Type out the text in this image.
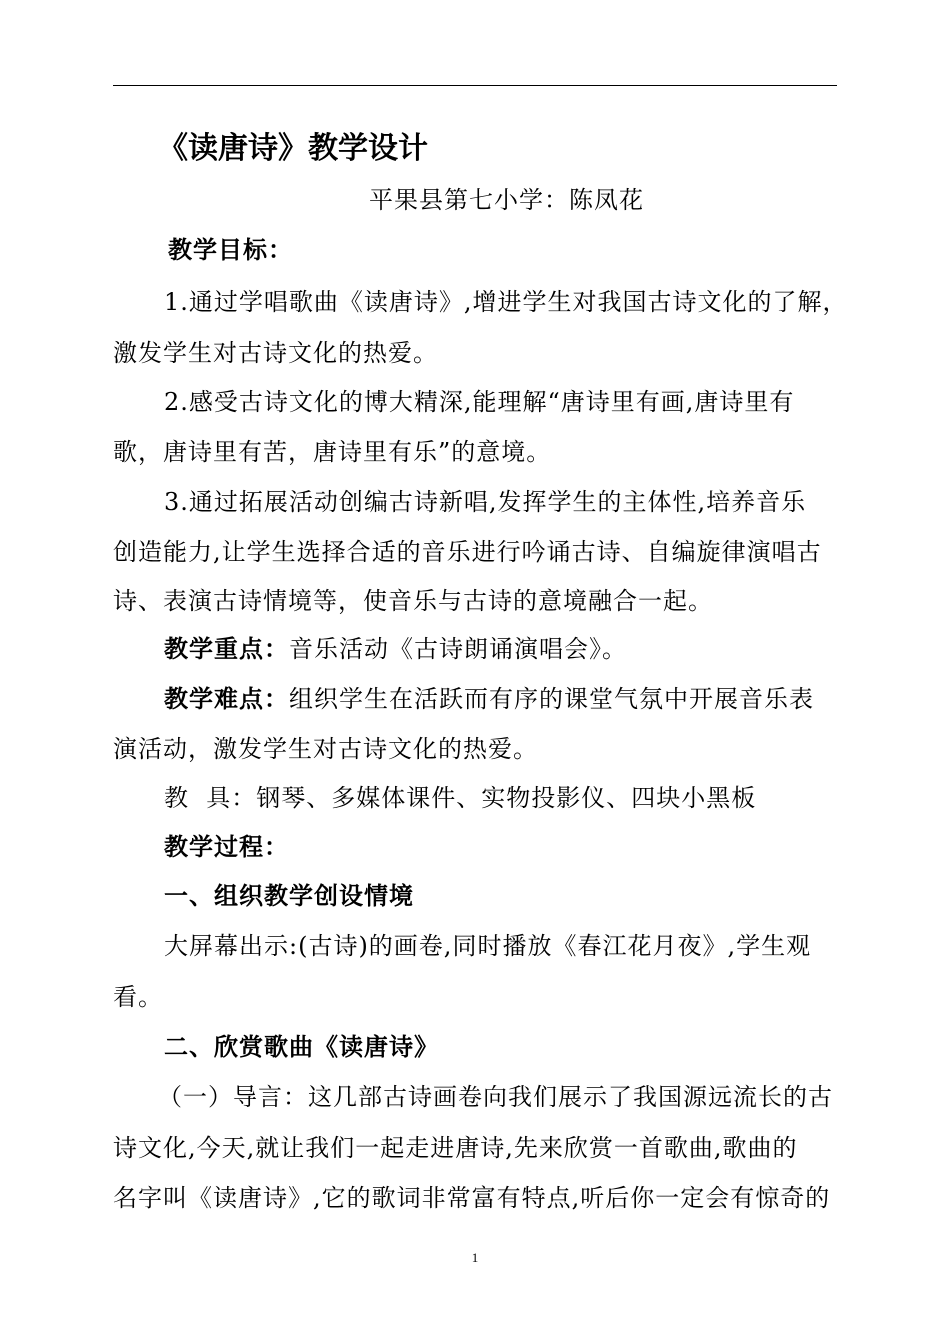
《读唐诗》教学设计
平果县第七小学：陈凤花
教学目标：
1.通过学唱歌曲《读唐诗》,增进学生对我国古诗文化的了解，
激发学生对古诗文化的热爱。
2.感受古诗文化的博大精深,能理解“唐诗里有画,唐诗里有
歌，唐诗里有苦，唐诗里有乐”的意境。
3.通过拓展活动创编古诗新唱,发挥学生的主体性,培养音乐
创造能力,让学生选择合适的音乐进行吟诵古诗、自编旋律演唱古
诗、表演古诗情境等，使音乐与古诗的意境融合一起。
教学重点：音乐活动《古诗朗诵演唱会》。
教学难点：组织学生在活跃而有序的课堂气氛中开展音乐表
演活动，激发学生对古诗文化的热爱。
教  具：钢琴、多媒体课件、实物投影仪、四块小黑板
教学过程：
一、组织教学创设情境
大屏幕出示:(古诗)的画卷,同时播放《春江花月夜》,学生观
看。
二、欣赏歌曲《读唐诗》
（一）导言：这几部古诗画卷向我们展示了我国源远流长的古
诗文化,今天,就让我们一起走进唐诗,先来欣赏一首歌曲,歌曲的
名字叫《读唐诗》,它的歌词非常富有特点,听后你一定会有惊奇的
1
